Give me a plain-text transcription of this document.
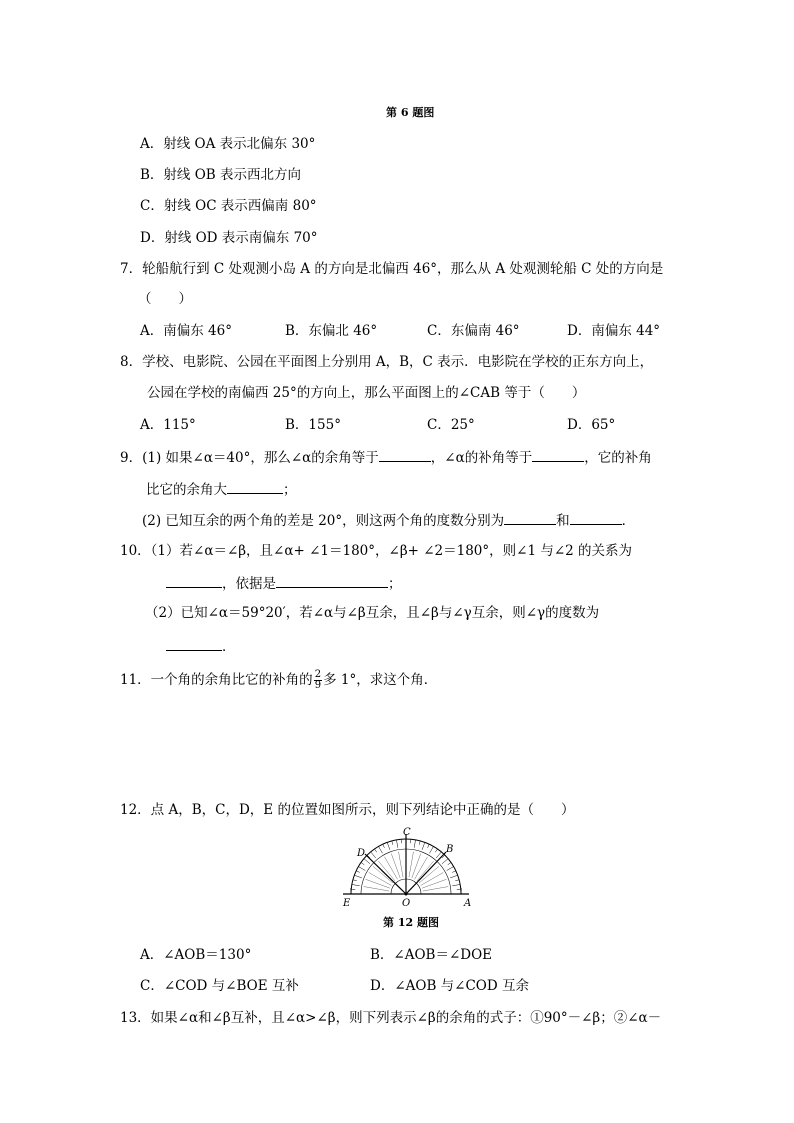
第 6 题图
A．射线 OA 表示北偏东 30°
B．射线 OB 表示西北方向
C．射线 OC 表示西偏南 80°
D．射线 OD 表示南偏东 70°
7．轮船航行到 C 处观测小岛 A 的方向是北偏西 46°，那么从 A 处观测轮船 C 处的方向是
（　　）
A．南偏东 46°	B．东偏北 46°	C．东偏南 46°	D．南偏东 44°
8．学校、电影院、公园在平面图上分别用 A，B，C 表示．电影院在学校的正东方向上，
公园在学校的南偏西 25°的方向上，那么平面图上的∠CAB 等于（　　）
A．115°	B．155°	C．25°	D．65°
9．(1) 如果∠α＝40°，那么∠α的余角等于	，∠α的补角等于	，它的补角
比它的余角大	；
(2) 已知互余的两个角的差是 20°，则这两个角的度数分别为	和	．
10．（1）若∠α＝∠β，且∠α+ ∠1＝180°，∠β+ ∠2＝180°，则∠1 与∠2 的关系为
，依据是	；
（2）已知∠α＝59°20′，若∠α与∠β互余，且∠β与∠γ互余，则∠γ的度数为
．
11．一个角的余角比它的补角的 $\frac{2}{9}$ 多 1°，求这个角．
12．点 A，B，C，D，E 的位置如图所示，则下列结论中正确的是（　　）
C
B
D
E	O	A
第 12 题图
A．∠AOB＝130°	B．∠AOB＝∠DOE
C．∠COD 与∠BOE 互补	D．∠AOB 与∠COD 互余
13．如果∠α和∠β互补，且∠α>∠β，则下列表示∠β的余角的式子：①90°－∠β；②∠α－
